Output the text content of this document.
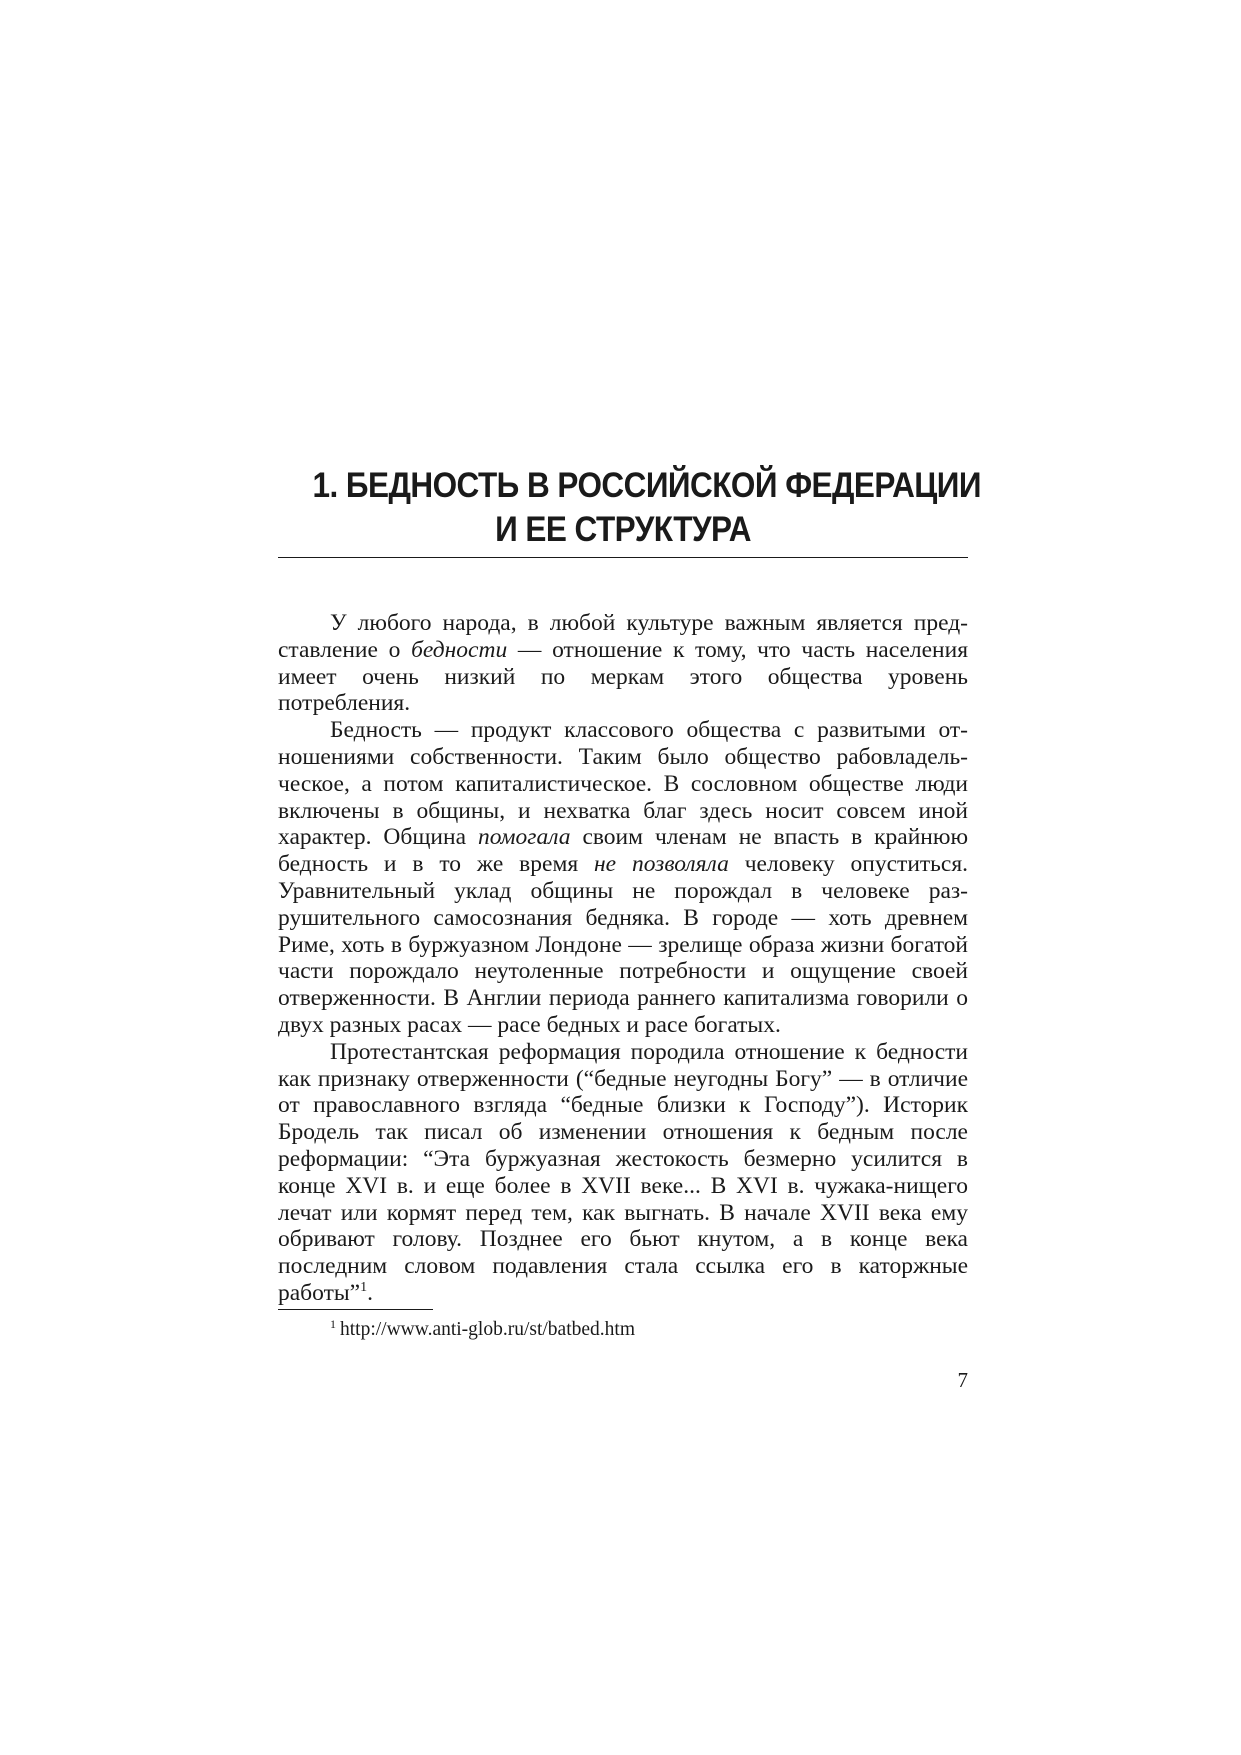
1. БЕДНОСТЬ В РОССИЙСКОЙ ФЕДЕРАЦИИ
И ЕЕ СТРУКТУРА

У любого народа, в любой культуре важным является представление о бедности — отношение к тому, что часть населения имеет очень низкий по меркам этого общества уровень потребления.

Бедность — продукт классового общества с развитыми отношениями собственности. Таким было общество рабовладельческое, а потом капиталистическое. В сословном обществе люди включены в общины, и нехватка благ здесь носит совсем иной характер. Община помогала своим членам не впасть в крайнюю бедность и в то же время не позволяла человеку опуститься. Уравнительный уклад общины не порождал в человеке разрушительного самосознания бедняка. В городе — хоть древнем Риме, хоть в буржуазном Лондоне — зрелище образа жизни богатой части порождало неутоленные потребности и ощущение своей отверженности. В Англии периода раннего капитализма говорили о двух разных расах — расе бедных и расе богатых.

Протестантская реформация породила отношение к бедности как признаку отверженности (“бедные неугодны Богу” — в отличие от православного взгляда “бедные близки к Господу”). Историк Бродель так писал об изменении отношения к бедным после реформации: “Эта буржуазная жестокость безмерно усилится в конце XVI в. и еще более в XVII веке... В XVI в. чужака-нищего лечат или кормят перед тем, как выгнать. В начале XVII века ему обривают голову. Позднее его бьют кнутом, а в конце века последним словом подавления стала ссылка его в каторжные работы”$^1$.

$^1$ http://www.anti-glob.ru/st/batbed.htm
7
